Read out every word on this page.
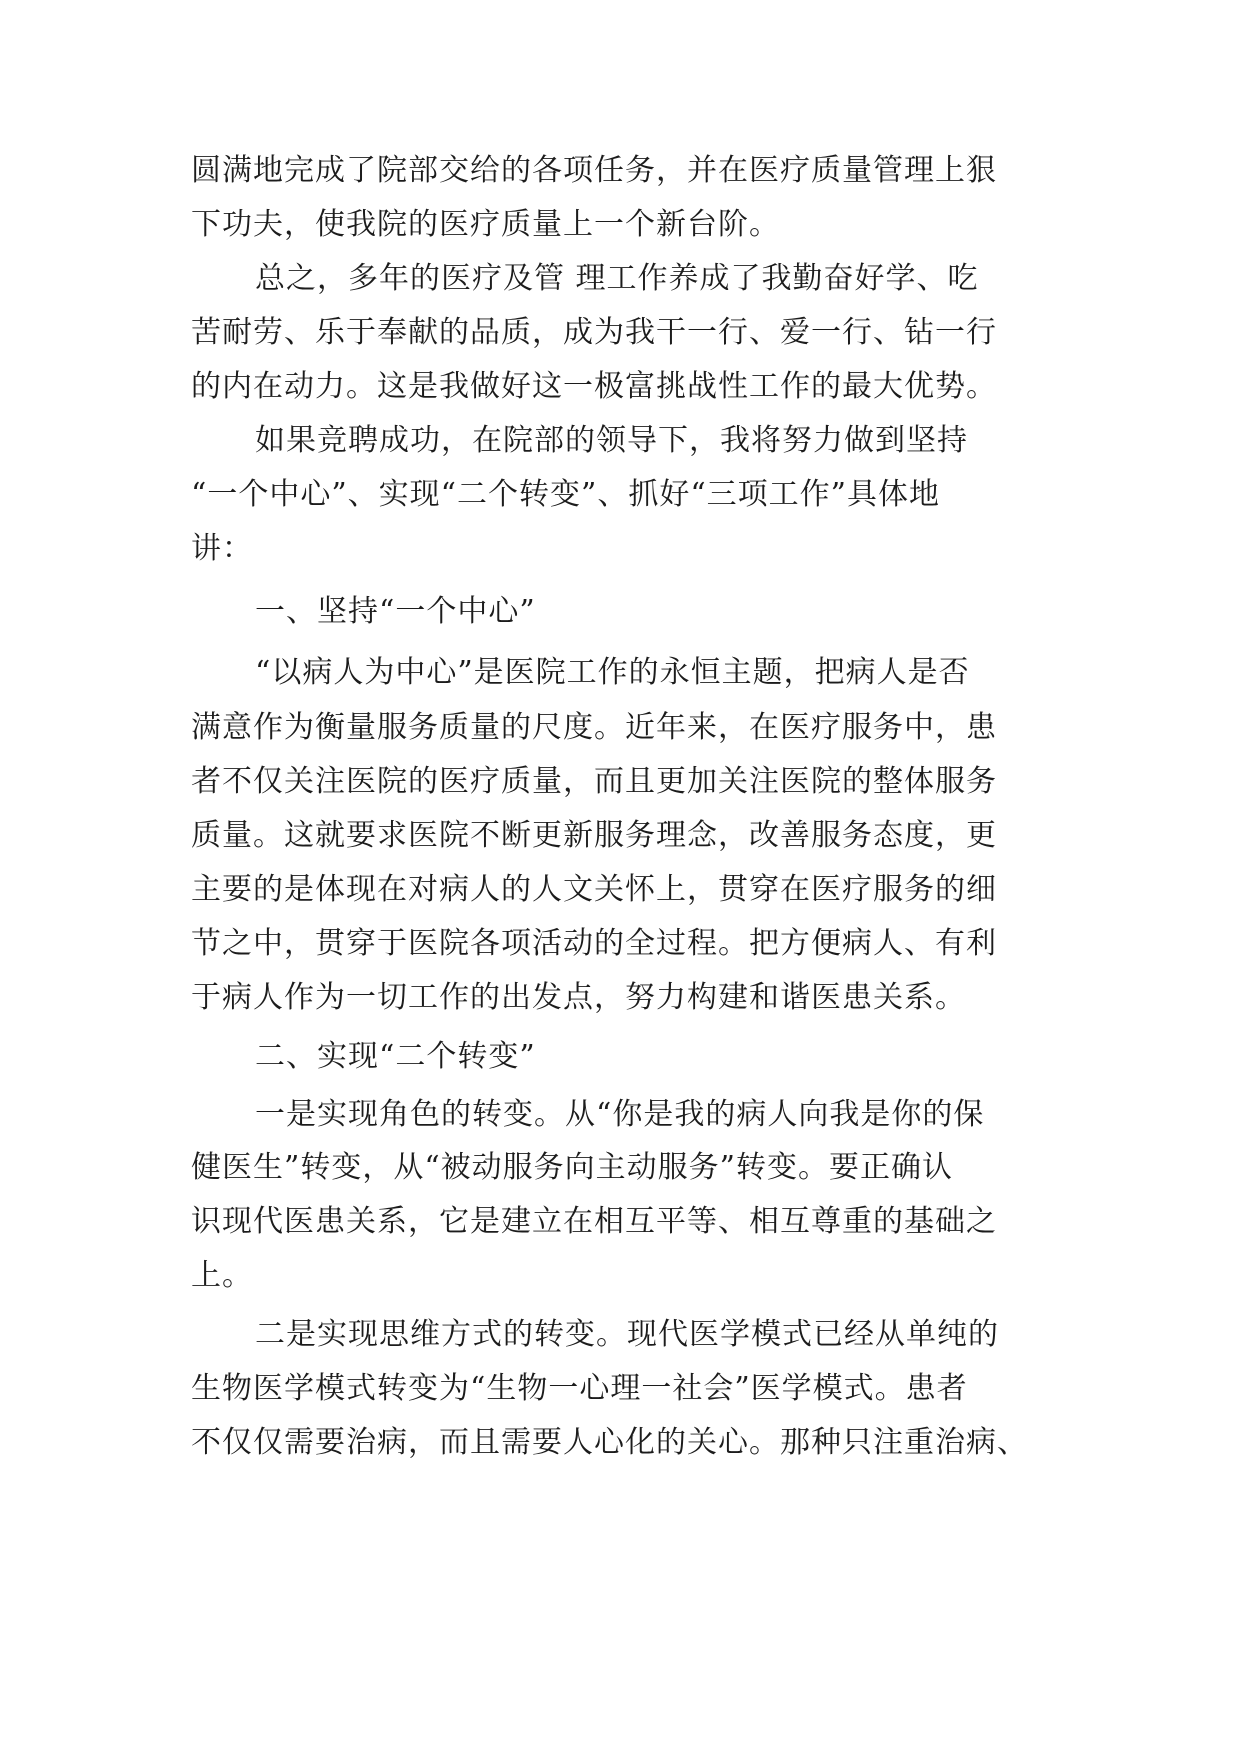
圆满地完成了院部交给的各项任务，并在医疗质量管理上狠
下功夫，使我院的医疗质量上一个新台阶。
总之，多年的医疗及管 理工作养成了我勤奋好学、吃
苦耐劳、乐于奉献的品质，成为我干一行、爱一行、钻一行
的内在动力。这是我做好这一极富挑战性工作的最大优势。
如果竞聘成功，在院部的领导下，我将努力做到坚持
“一个中心”、实现“二个转变”、抓好“三项工作”具体地
讲：
一、坚持“一个中心”
“以病人为中心”是医院工作的永恒主题，把病人是否
满意作为衡量服务质量的尺度。近年来，在医疗服务中，患
者不仅关注医院的医疗质量，而且更加关注医院的整体服务
质量。这就要求医院不断更新服务理念，改善服务态度，更
主要的是体现在对病人的人文关怀上，贯穿在医疗服务的细
节之中，贯穿于医院各项活动的全过程。把方便病人、有利
于病人作为一切工作的出发点，努力构建和谐医患关系。
二、实现“二个转变”
一是实现角色的转变。从“你是我的病人向我是你的保
健医生”转变，从“被动服务向主动服务”转变。要正确认
识现代医患关系，它是建立在相互平等、相互尊重的基础之
上。
二是实现思维方式的转变。现代医学模式已经从单纯的
生物医学模式转变为“生物一心理一社会”医学模式。患者
不仅仅需要治病，而且需要人心化的关心。那种只注重治病、
